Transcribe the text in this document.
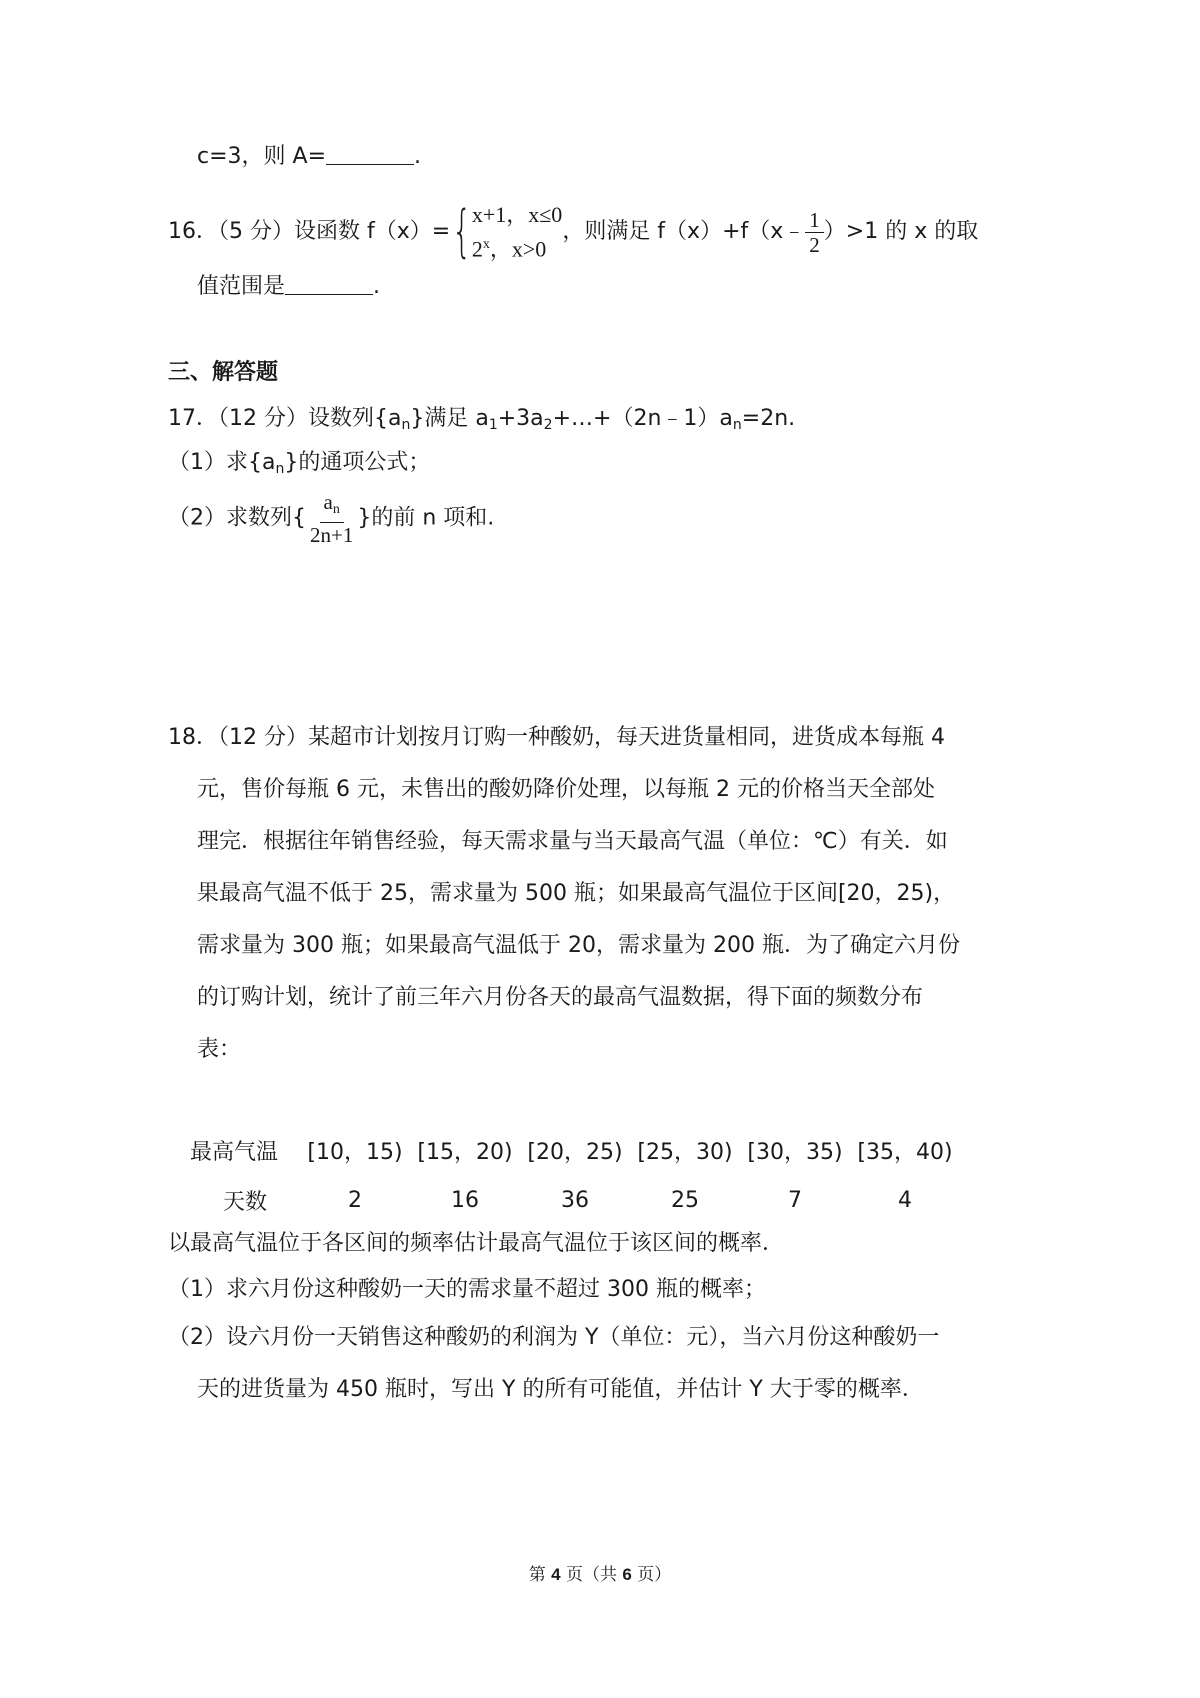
c=3，则 A=	.
16．（5 分）设函数 f（x）={ x+1，x≤0
2$^x$，x>0
，则满足 f（x）+f（x﹣ $\frac{1}{2} )>1$ 的 x 的取
值范围是	.
三、解答题
17．（12 分）设数列$\{a_n\}$满足 $a_1+3a_2+\dots+(2n﹣1)a_n=2n$.
（1）求$\{a_n\}$的通项公式；
（2）求数列{ $\frac{a_n}{2n+1}$ }的前 n 项和.
18．（12 分）某超市计划按月订购一种酸奶，每天进货量相同，进货成本每瓶 4
元，售价每瓶 6 元，未售出的酸奶降价处理，以每瓶 2 元的价格当天全部处
理完．根据往年销售经验，每天需求量与当天最高气温（单位：℃）有关．如
果最高气温不低于 25，需求量为 500 瓶；如果最高气温位于区间[20，25)，
需求量为 300 瓶；如果最高气温低于 20，需求量为 200 瓶．为了确定六月份
的订购计划，统计了前三年六月份各天的最高气温数据，得下面的频数分布
表：
最高气温	[10，15)	[15，20)	[20，25)	[25，30)	[30，35)	[35，40)
天数	2	16	36	25	7	4
以最高气温位于各区间的频率估计最高气温位于该区间的概率．
（1）求六月份这种酸奶一天的需求量不超过 300 瓶的概率；
（2）设六月份一天销售这种酸奶的利润为 Y（单位：元），当六月份这种酸奶一
天的进货量为 450 瓶时，写出 Y 的所有可能值，并估计 Y 大于零的概率．
第 4 页（共 6 页）
